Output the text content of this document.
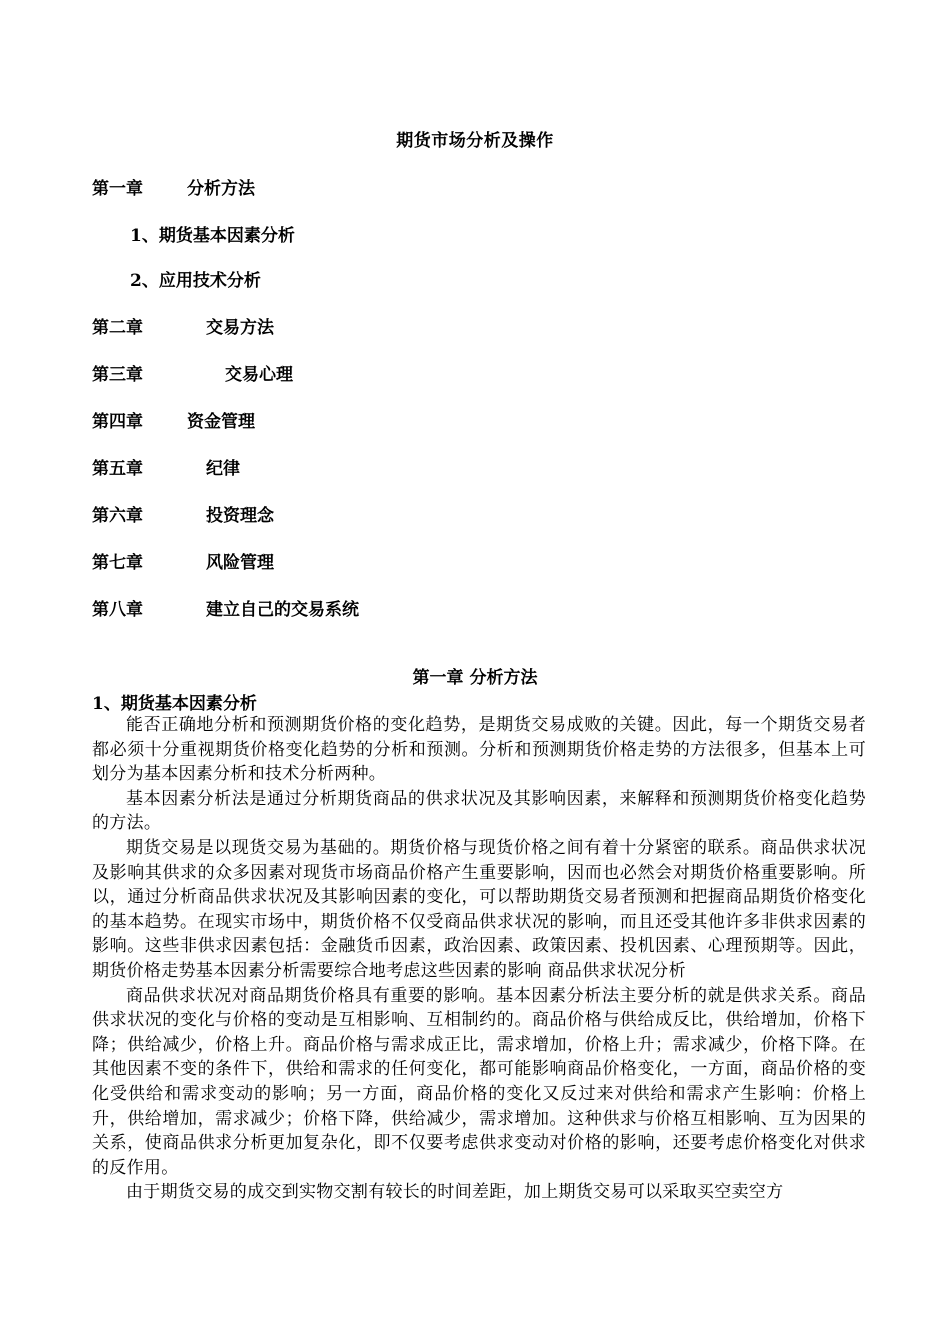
期货市场分析及操作
第一章	分析方法
1、期货基本因素分析
2、应用技术分析
第二章	交易方法
第三章	交易心理
第四章	资金管理
第五章	纪律
第六章	投资理念
第七章	风险管理
第八章	建立自己的交易系统
第一章 分析方法
1、期货基本因素分析

能否正确地分析和预测期货价格的变化趋势，是期货交易成败的关键。因此，每一个期货交易者都必须十分重视期货价格变化趋势的分析和预测。分析和预测期货价格走势的方法很多，但基本上可划分为基本因素分析和技术分析两种。

基本因素分析法是通过分析期货商品的供求状况及其影响因素，来解释和预测期货价格变化趋势的方法。

期货交易是以现货交易为基础的。期货价格与现货价格之间有着十分紧密的联系。商品供求状况及影响其供求的众多因素对现货市场商品价格产生重要影响，因而也必然会对期货价格重要影响。所以，通过分析商品供求状况及其影响因素的变化，可以帮助期货交易者预测和把握商品期货价格变化的基本趋势。在现实市场中，期货价格不仅受商品供求状况的影响，而且还受其他许多非供求因素的影响。这些非供求因素包括：金融货币因素，政治因素、政策因素、投机因素、心理预期等。因此，期货价格走势基本因素分析需要综合地考虑这些因素的影响 商品供求状况分析

商品供求状况对商品期货价格具有重要的影响。基本因素分析法主要分析的就是供求关系。商品供求状况的变化与价格的变动是互相影响、互相制约的。商品价格与供给成反比，供给增加，价格下降；供给减少，价格上升。商品价格与需求成正比，需求增加，价格上升；需求减少，价格下降。在其他因素不变的条件下，供给和需求的任何变化，都可能影响商品价格变化，一方面，商品价格的变化受供给和需求变动的影响；另一方面，商品价格的变化又反过来对供给和需求产生影响：价格上升，供给增加，需求减少；价格下降，供给减少，需求增加。这种供求与价格互相影响、互为因果的关系，使商品供求分析更加复杂化，即不仅要考虑供求变动对价格的影响，还要考虑价格变化对供求的反作用。

由于期货交易的成交到实物交割有较长的时间差距，加上期货交易可以采取买空卖空方
